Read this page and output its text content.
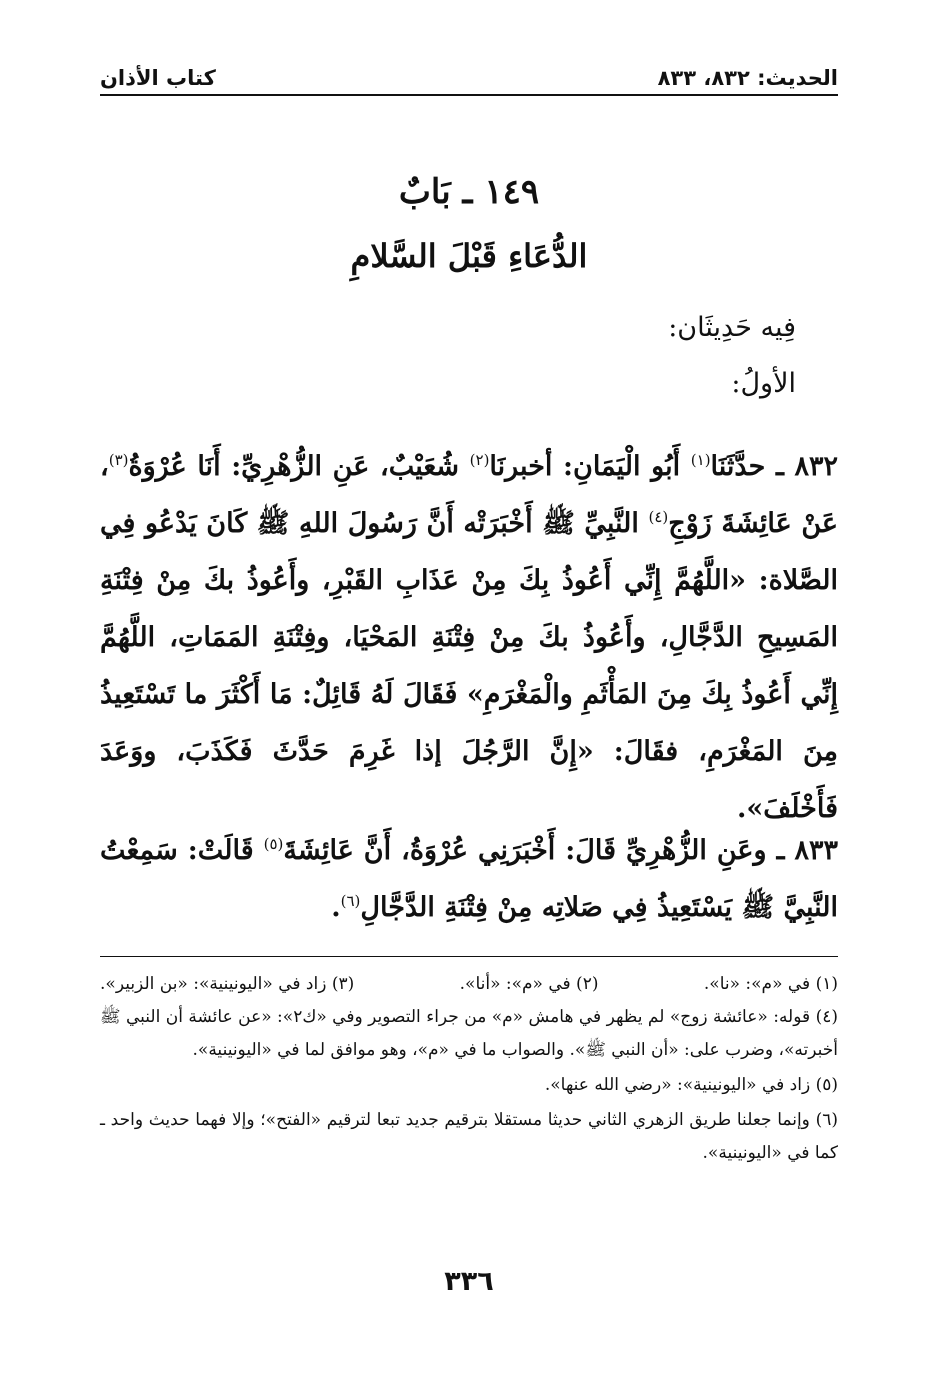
الحديث: ٨٣٢، ٨٣٣
كتاب الأذان
١٤٩ ـ بَابٌ
الدُّعَاءِ قَبْلَ السَّلامِ
فِيه حَدِيثَان:
الأولُ:
٨٣٢ ـ حدَّثَنَا$^{(١)}$ أَبُو الْيَمَانِ: أخبرنَا$^{(٢)}$ شُعَيْبٌ، عَنِ الزُّهْرِيِّ: أَنَا عُرْوَةُ$^{(٣)}$، عَنْ عَائِشَةَ زَوْجِ$^{(٤)}$ النَّبِيِّ ﷺ أَخْبَرَتْه أَنَّ رَسُولَ اللهِ ﷺ كَانَ يَدْعُو فِي الصَّلاة: «اللَّهُمَّ إِنِّي أَعُوذُ بِكَ مِنْ عَذَابِ القَبْرِ، وأَعُوذُ بكَ مِنْ فِتْنَةِ المَسِيحِ الدَّجَّالِ، وأَعُوذُ بكَ مِنْ فِتْنَةِ المَحْيَا، وفِتْنَةِ المَمَاتِ، اللَّهُمَّ إِنِّي أَعُوذُ بِكَ مِنَ المَأْثَمِ والْمَغْرَمِ» فَقَالَ لَهُ قَائِلٌ: مَا أَكْثَرَ ما تَسْتَعِيذُ مِنَ المَغْرَمِ، فقَالَ: «إِنَّ الرَّجُلَ إذا غَرِمَ حَدَّثَ فَكَذَبَ، ووَعَدَ فَأَخْلَفَ».
٨٣٣ ـ وعَنِ الزُّهْرِيِّ قَالَ: أَخْبَرَنِي عُرْوَةُ، أَنَّ عَائِشَةَ$^{(٥)}$ قَالَتْ: سَمِعْتُ النَّبِيَّ ﷺ يَسْتَعِيذُ فِي صَلاتِه مِنْ فِتْنَةِ الدَّجَّالِ$^{(٦)}$.
(١) في «م»: «نا».
(٢) في «م»: «أنا».
(٣) زاد في «اليونينية»: «بن الزبير».
(٤) قوله: «عائشة زوج» لم يظهر في هامش «م» من جراء التصوير وفي «ك٢»: «عن عائشة أن النبي ﷺ أخبرته»، وضرب على: «أن النبي ﷺ». والصواب ما في «م»، وهو موافق لما في «اليونينية».
(٥) زاد في «اليونينية»: «رضي الله عنها».
(٦) وإنما جعلنا طريق الزهري الثاني حديثا مستقلا بترقيم جديد تبعا لترقيم «الفتح»؛ وإلا فهما حديث واحد ـ كما في «اليونينية».
٣٣٦
